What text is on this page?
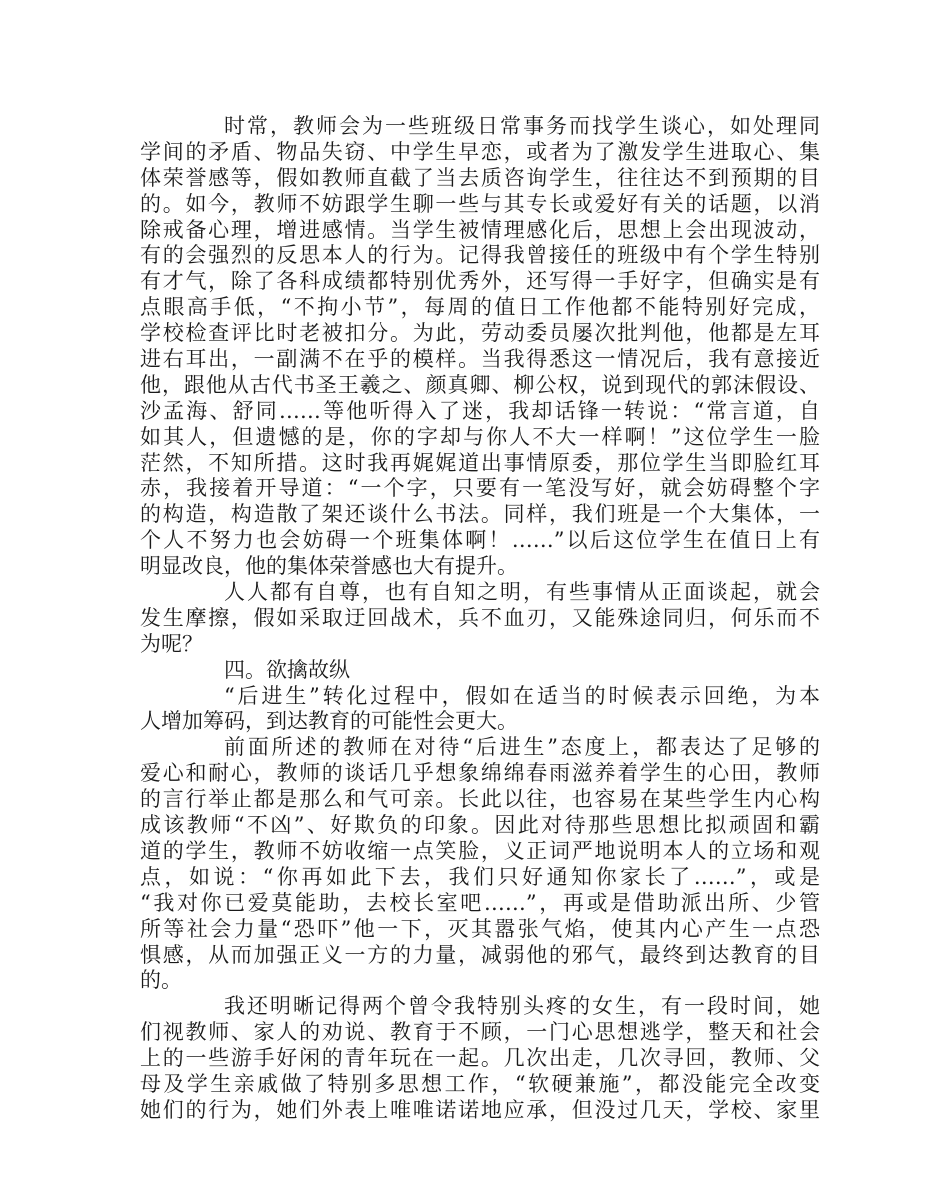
时常，教师会为一些班级日常事务而找学生谈心，如处理同
学间的矛盾、物品失窃、中学生早恋，或者为了激发学生进取心、集
体荣誉感等，假如教师直截了当去质咨询学生，往往达不到预期的目
的。如今，教师不妨跟学生聊一些与其专长或爱好有关的话题，以消
除戒备心理，增进感情。当学生被情理感化后，思想上会出现波动，
有的会强烈的反思本人的行为。记得我曾接任的班级中有个学生特别
有才气，除了各科成绩都特别优秀外，还写得一手好字，但确实是有
点眼高手低，“不拘小节”，每周的值日工作他都不能特别好完成，
学校检查评比时老被扣分。为此，劳动委员屡次批判他，他都是左耳
进右耳出，一副满不在乎的模样。当我得悉这一情况后，我有意接近
他，跟他从古代书圣王羲之、颜真卿、柳公权，说到现代的郭沫假设、
沙孟海、舒同……等他听得入了迷，我却话锋一转说：“常言道，自
如其人，但遗憾的是，你的字却与你人不大一样啊！”这位学生一脸
茫然，不知所措。这时我再娓娓道出事情原委，那位学生当即脸红耳
赤，我接着开导道：“一个字，只要有一笔没写好，就会妨碍整个字
的构造，构造散了架还谈什么书法。同样，我们班是一个大集体，一
个人不努力也会妨碍一个班集体啊！……”以后这位学生在值日上有
明显改良，他的集体荣誉感也大有提升。
人人都有自尊，也有自知之明，有些事情从正面谈起，就会
发生摩擦，假如采取迂回战术，兵不血刃，又能殊途同归，何乐而不
为呢？
四。欲擒故纵
“后进生”转化过程中，假如在适当的时候表示回绝，为本
人增加筹码，到达教育的可能性会更大。
前面所述的教师在对待“后进生”态度上，都表达了足够的
爱心和耐心，教师的谈话几乎想象绵绵春雨滋养着学生的心田，教师
的言行举止都是那么和气可亲。长此以往，也容易在某些学生内心构
成该教师“不凶”、好欺负的印象。因此对待那些思想比拟顽固和霸
道的学生，教师不妨收缩一点笑脸，义正词严地说明本人的立场和观
点，如说：“你再如此下去，我们只好通知你家长了……”，或是
“我对你已爱莫能助，去校长室吧……”，再或是借助派出所、少管
所等社会力量“恐吓”他一下，灭其嚣张气焰，使其内心产生一点恐
惧感，从而加强正义一方的力量，减弱他的邪气，最终到达教育的目
的。
我还明晰记得两个曾令我特别头疼的女生，有一段时间，她
们视教师、家人的劝说、教育于不顾，一门心思想逃学，整天和社会
上的一些游手好闲的青年玩在一起。几次出走，几次寻回，教师、父
母及学生亲戚做了特别多思想工作，“软硬兼施”，都没能完全改变
她们的行为，她们外表上唯唯诺诺地应承，但没过几天，学校、家里
